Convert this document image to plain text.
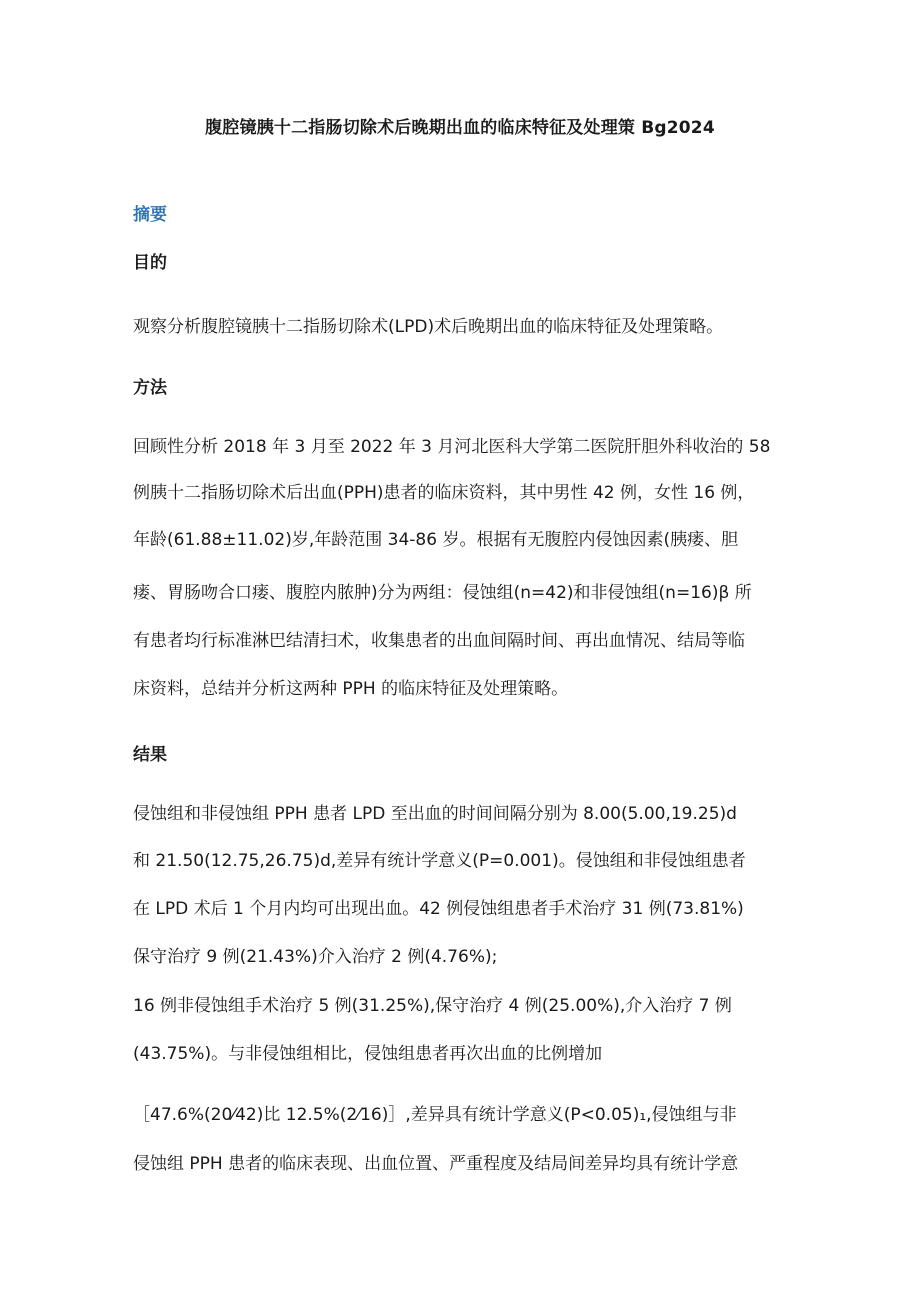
腹腔镜胰十二指肠切除术后晚期出血的临床特征及处理策 Bg2024
摘要
目的
观察分析腹腔镜胰十二指肠切除术(LPD)术后晚期出血的临床特征及处理策略。
方法
回顾性分析 2018 年 3 月至 2022 年 3 月河北医科大学第二医院肝胆外科收治的 58
例胰十二指肠切除术后出血(PPH)患者的临床资料，其中男性 42 例，女性 16 例，
年龄(61.88±11.02)岁,年龄范围 34-86 岁。根据有无腹腔内侵蚀因素(胰瘘、胆
瘘、胃肠吻合口瘘、腹腔内脓肿)分为两组：侵蚀组(n=42)和非侵蚀组(n=16)β 所
有患者均行标准淋巴结清扫术，收集患者的出血间隔时间、再出血情况、结局等临
床资料，总结并分析这两种 PPH 的临床特征及处理策略。
结果
侵蚀组和非侵蚀组 PPH 患者 LPD 至出血的时间间隔分别为 8.00(5.00,19.25)d
和 21.50(12.75,26.75)d,差异有统计学意义(P=0.001)。侵蚀组和非侵蚀组患者
在 LPD 术后 1 个月内均可出现出血。42 例侵蚀组患者手术治疗 31 例(73.81%)
保守治疗 9 例(21.43%)介入治疗 2 例(4.76%);
16 例非侵蚀组手术治疗 5 例(31.25%),保守治疗 4 例(25.00%),介入治疗 7 例
(43.75%)。与非侵蚀组相比，侵蚀组患者再次出血的比例增加
［47.6%(20⁄42)比 12.5%(2⁄16)］,差异具有统计学意义(P<0.05)₁,侵蚀组与非
侵蚀组 PPH 患者的临床表现、出血位置、严重程度及结局间差异均具有统计学意
